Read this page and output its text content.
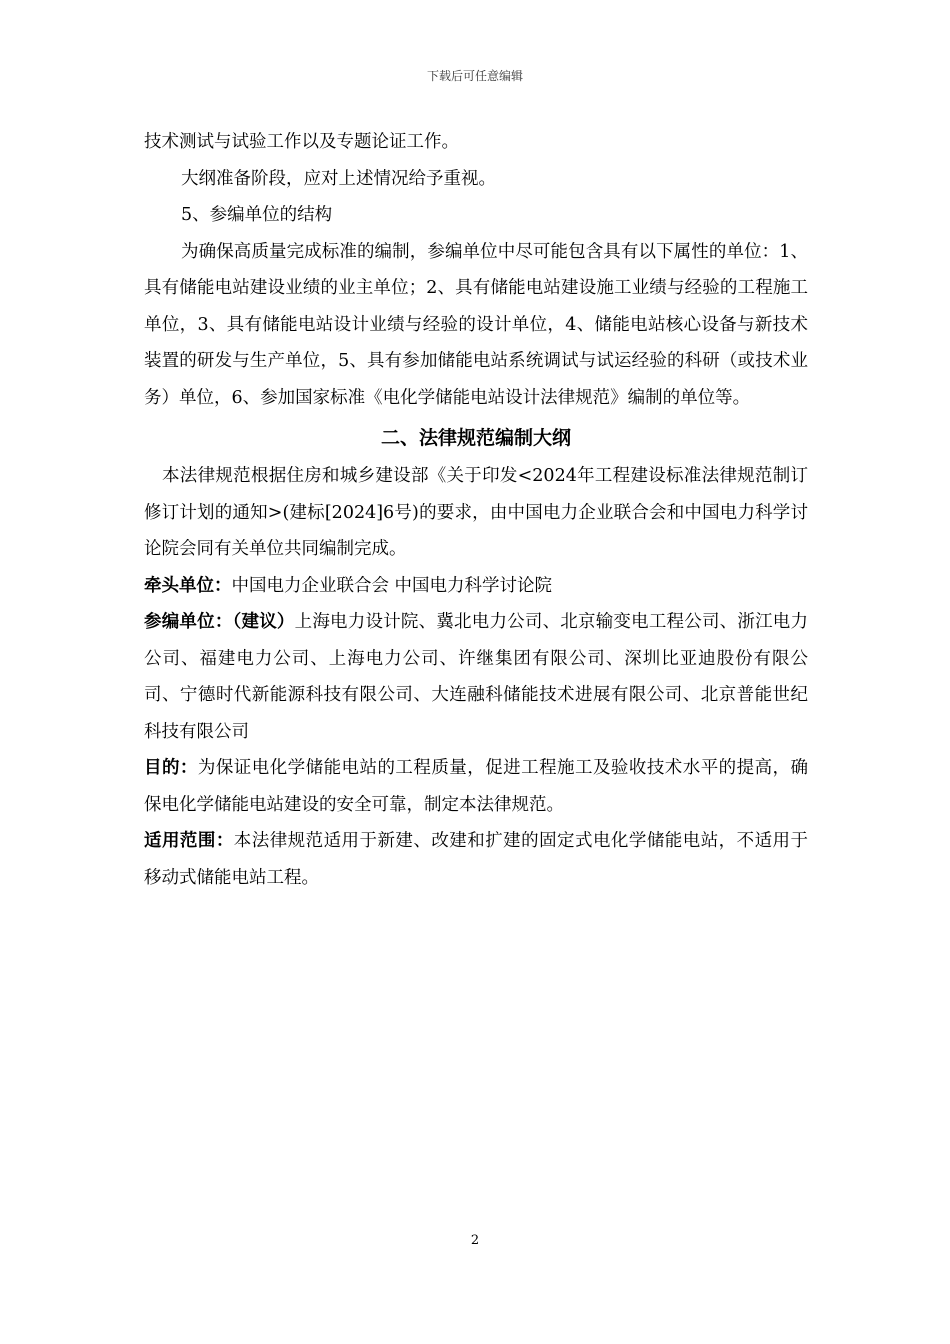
下载后可任意编辑

技术测试与试验工作以及专题论证工作。

大纲准备阶段，应对上述情况给予重视。

5、参编单位的结构

为确保高质量完成标准的编制，参编单位中尽可能包含具有以下属性的单位：1、具有储能电站建设业绩的业主单位；2、具有储能电站建设施工业绩与经验的工程施工单位，3、具有储能电站设计业绩与经验的设计单位，4、储能电站核心设备与新技术装置的研发与生产单位，5、具有参加储能电站系统调试与试运经验的科研（或技术业务）单位，6、参加国家标准《电化学储能电站设计法律规范》编制的单位等。

二、法律规范编制大纲

本法律规范根据住房和城乡建设部《关于印发<2024年工程建设标准法律规范制订修订计划的通知>(建标[2024]6号)的要求，由中国电力企业联合会和中国电力科学讨论院会同有关单位共同编制完成。

牵头单位：中国电力企业联合会 中国电力科学讨论院

参编单位：（建议）上海电力设计院、冀北电力公司、北京输变电工程公司、浙江电力公司、福建电力公司、上海电力公司、许继集团有限公司、深圳比亚迪股份有限公司、宁德时代新能源科技有限公司、大连融科储能技术进展有限公司、北京普能世纪科技有限公司

目的：为保证电化学储能电站的工程质量，促进工程施工及验收技术水平的提高，确保电化学储能电站建设的安全可靠，制定本法律规范。

适用范围：本法律规范适用于新建、改建和扩建的固定式电化学储能电站，不适用于移动式储能电站工程。

2
